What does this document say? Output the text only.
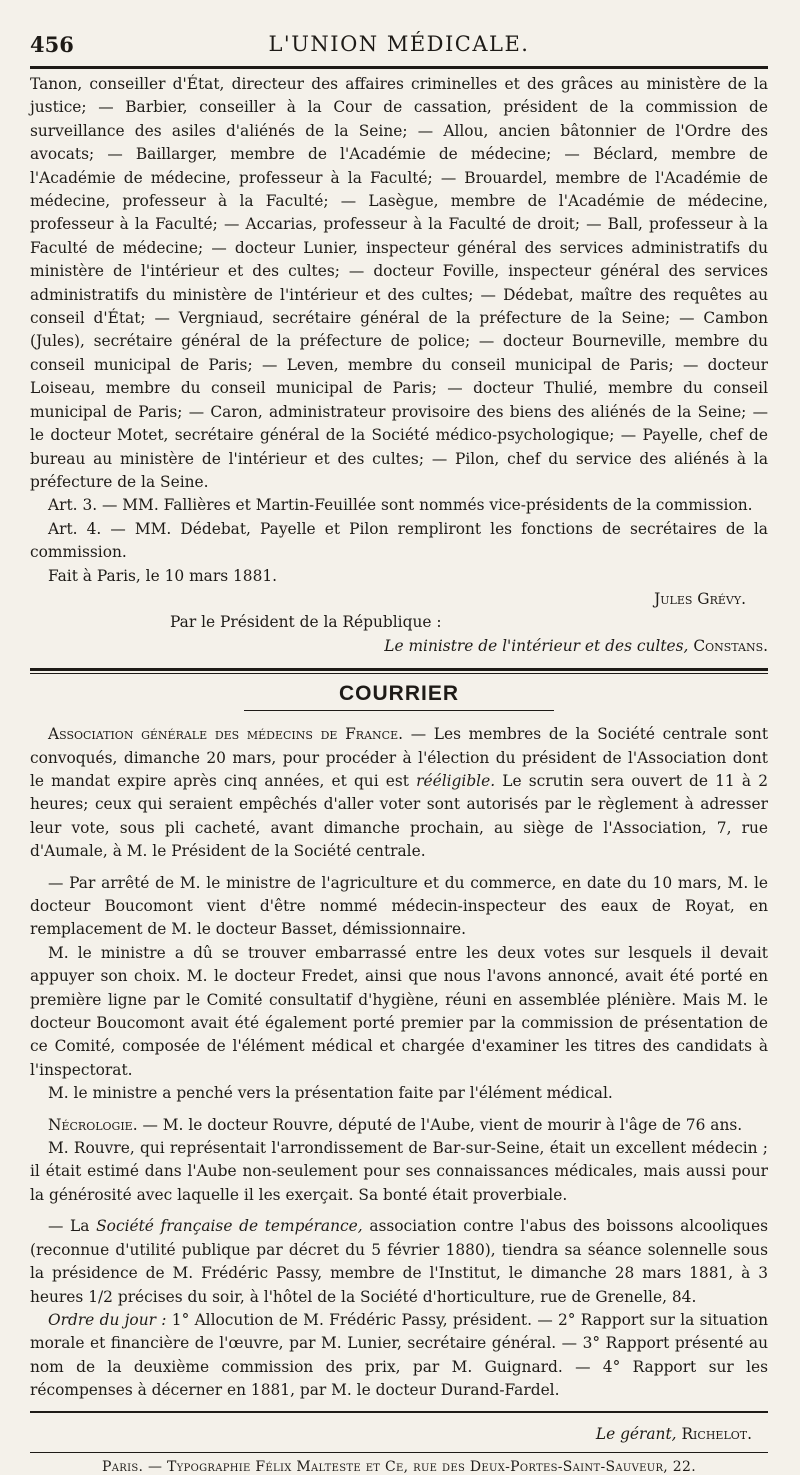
456	L'UNION MÉDICALE.

Tanon, conseiller d'État, directeur des affaires criminelles et des grâces au ministère de la justice; — Barbier, conseiller à la Cour de cassation, président de la commission de surveillance des asiles d'aliénés de la Seine; — Allou, ancien bâtonnier de l'Ordre des avocats; — Baillarger, membre de l'Académie de médecine; — Béclard, membre de l'Académie de médecine, professeur à la Faculté; — Brouardel, membre de l'Académie de médecine, professeur à la Faculté; — Lasègue, membre de l'Académie de médecine, professeur à la Faculté; — Accarias, professeur à la Faculté de droit; — Ball, professeur à la Faculté de médecine; — docteur Lunier, inspecteur général des services administratifs du ministère de l'intérieur et des cultes; — docteur Foville, inspecteur général des services administratifs du ministère de l'intérieur et des cultes; — Dédebat, maître des requêtes au conseil d'État; — Vergniaud, secrétaire général de la préfecture de la Seine; — Cambon (Jules), secrétaire général de la préfecture de police; — docteur Bourneville, membre du conseil municipal de Paris; — Leven, membre du conseil municipal de Paris; — docteur Loiseau, membre du conseil municipal de Paris; — docteur Thulié, membre du conseil municipal de Paris; — Caron, administrateur provisoire des biens des aliénés de la Seine; — le docteur Motet, secrétaire général de la Société médico-psychologique; — Payelle, chef de bureau au ministère de l'intérieur et des cultes; — Pilon, chef du service des aliénés à la préfecture de la Seine.

Art. 3. — MM. Fallières et Martin-Feuillée sont nommés vice-présidents de la commission.

Art. 4. — MM. Dédebat, Payelle et Pilon rempliront les fonctions de secrétaires de la commission.

Fait à Paris, le 10 mars 1881.

Jules Grévy.

Par le Président de la République :

Le ministre de l'intérieur et des cultes, Constans.

COURRIER

Association générale des médecins de France. — Les membres de la Société centrale sont convoqués, dimanche 20 mars, pour procéder à l'élection du président de l'Association dont le mandat expire après cinq années, et qui est rééligible. Le scrutin sera ouvert de 11 à 2 heures; ceux qui seraient empêchés d'aller voter sont autorisés par le règlement à adresser leur vote, sous pli cacheté, avant dimanche prochain, au siège de l'Association, 7, rue d'Aumale, à M. le Président de la Société centrale.

— Par arrêté de M. le ministre de l'agriculture et du commerce, en date du 10 mars, M. le docteur Boucomont vient d'être nommé médecin-inspecteur des eaux de Royat, en remplacement de M. le docteur Basset, démissionnaire.

M. le ministre a dû se trouver embarrassé entre les deux votes sur lesquels il devait appuyer son choix. M. le docteur Fredet, ainsi que nous l'avons annoncé, avait été porté en première ligne par le Comité consultatif d'hygiène, réuni en assemblée plénière. Mais M. le docteur Boucomont avait été également porté premier par la commission de présentation de ce Comité, composée de l'élément médical et chargée d'examiner les titres des candidats à l'inspectorat.

M. le ministre a penché vers la présentation faite par l'élément médical.

Nécrologie. — M. le docteur Rouvre, député de l'Aube, vient de mourir à l'âge de 76 ans.

M. Rouvre, qui représentait l'arrondissement de Bar-sur-Seine, était un excellent médecin ; il était estimé dans l'Aube non-seulement pour ses connaissances médicales, mais aussi pour la générosité avec laquelle il les exerçait. Sa bonté était proverbiale.

— La Société française de tempérance, association contre l'abus des boissons alcooliques (reconnue d'utilité publique par décret du 5 février 1880), tiendra sa séance solennelle sous la présidence de M. Frédéric Passy, membre de l'Institut, le dimanche 28 mars 1881, à 3 heures 1/2 précises du soir, à l'hôtel de la Société d'horticulture, rue de Grenelle, 84.

Ordre du jour : 1° Allocution de M. Frédéric Passy, président. — 2° Rapport sur la situation morale et financière de l'œuvre, par M. Lunier, secrétaire général. — 3° Rapport présenté au nom de la deuxième commission des prix, par M. Guignard. — 4° Rapport sur les récompenses à décerner en 1881, par M. le docteur Durand-Fardel.

Le gérant, Richelot.

Paris. — Typographie Félix Malteste et Ce, rue des Deux-Portes-Saint-Sauveur, 22.
